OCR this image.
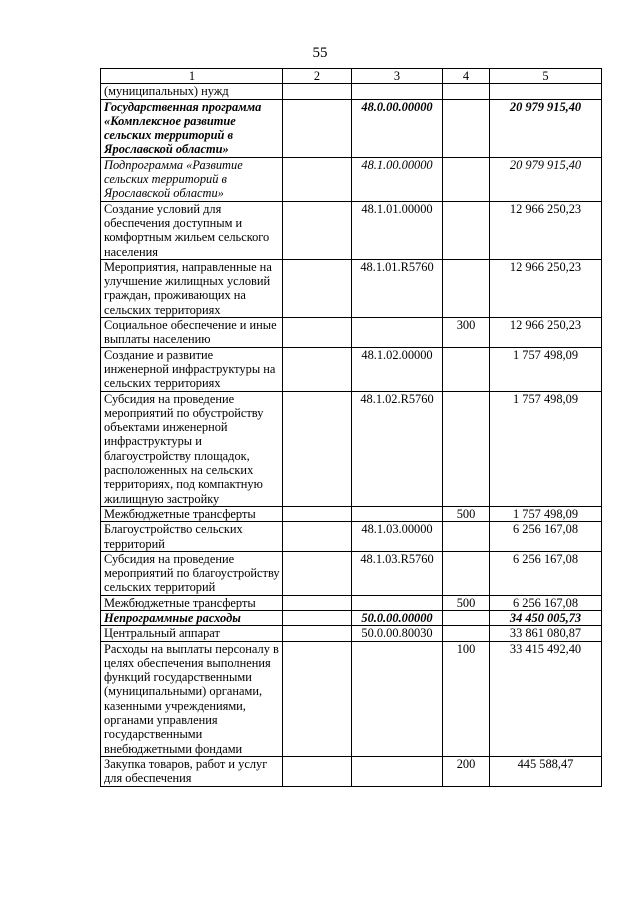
55
1	2	3	4	5
(муниципальных) нужд				
Государственная программа «Комплексное развитие сельских территорий в Ярославской области»		48.0.00.00000		20 979 915,40
Подпрограмма «Развитие сельских территорий в Ярославской области»		48.1.00.00000		20 979 915,40
Создание условий для обеспечения доступным и комфортным жильем сельского населения		48.1.01.00000		12 966 250,23
Мероприятия, направленные на улучшение жилищных условий граждан, проживающих на сельских территориях		48.1.01.R5760		12 966 250,23
Социальное обеспечение и иные выплаты населению			300	12 966 250,23
Создание и развитие инженерной инфраструктуры на сельских территориях		48.1.02.00000		1 757 498,09
Субсидия на проведение мероприятий по обустройству объектами инженерной инфраструктуры и благоустройству площадок, расположенных на сельских территориях, под компактную жилищную застройку		48.1.02.R5760		1 757 498,09
Межбюджетные трансферты			500	1 757 498,09
Благоустройство сельских территорий		48.1.03.00000		6 256 167,08
Субсидия на проведение мероприятий по благоустройству сельских территорий		48.1.03.R5760		6 256 167,08
Межбюджетные трансферты			500	6 256 167,08
Непрограммные расходы		50.0.00.00000		34 450 005,73
Центральный аппарат		50.0.00.80030		33 861 080,87
Расходы на выплаты персоналу в целях обеспечения выполнения функций государственными (муниципальными) органами, казенными учреждениями, органами управления государственными внебюджетными фондами			100	33 415 492,40
Закупка товаров, работ и услуг для обеспечения			200	445 588,47
